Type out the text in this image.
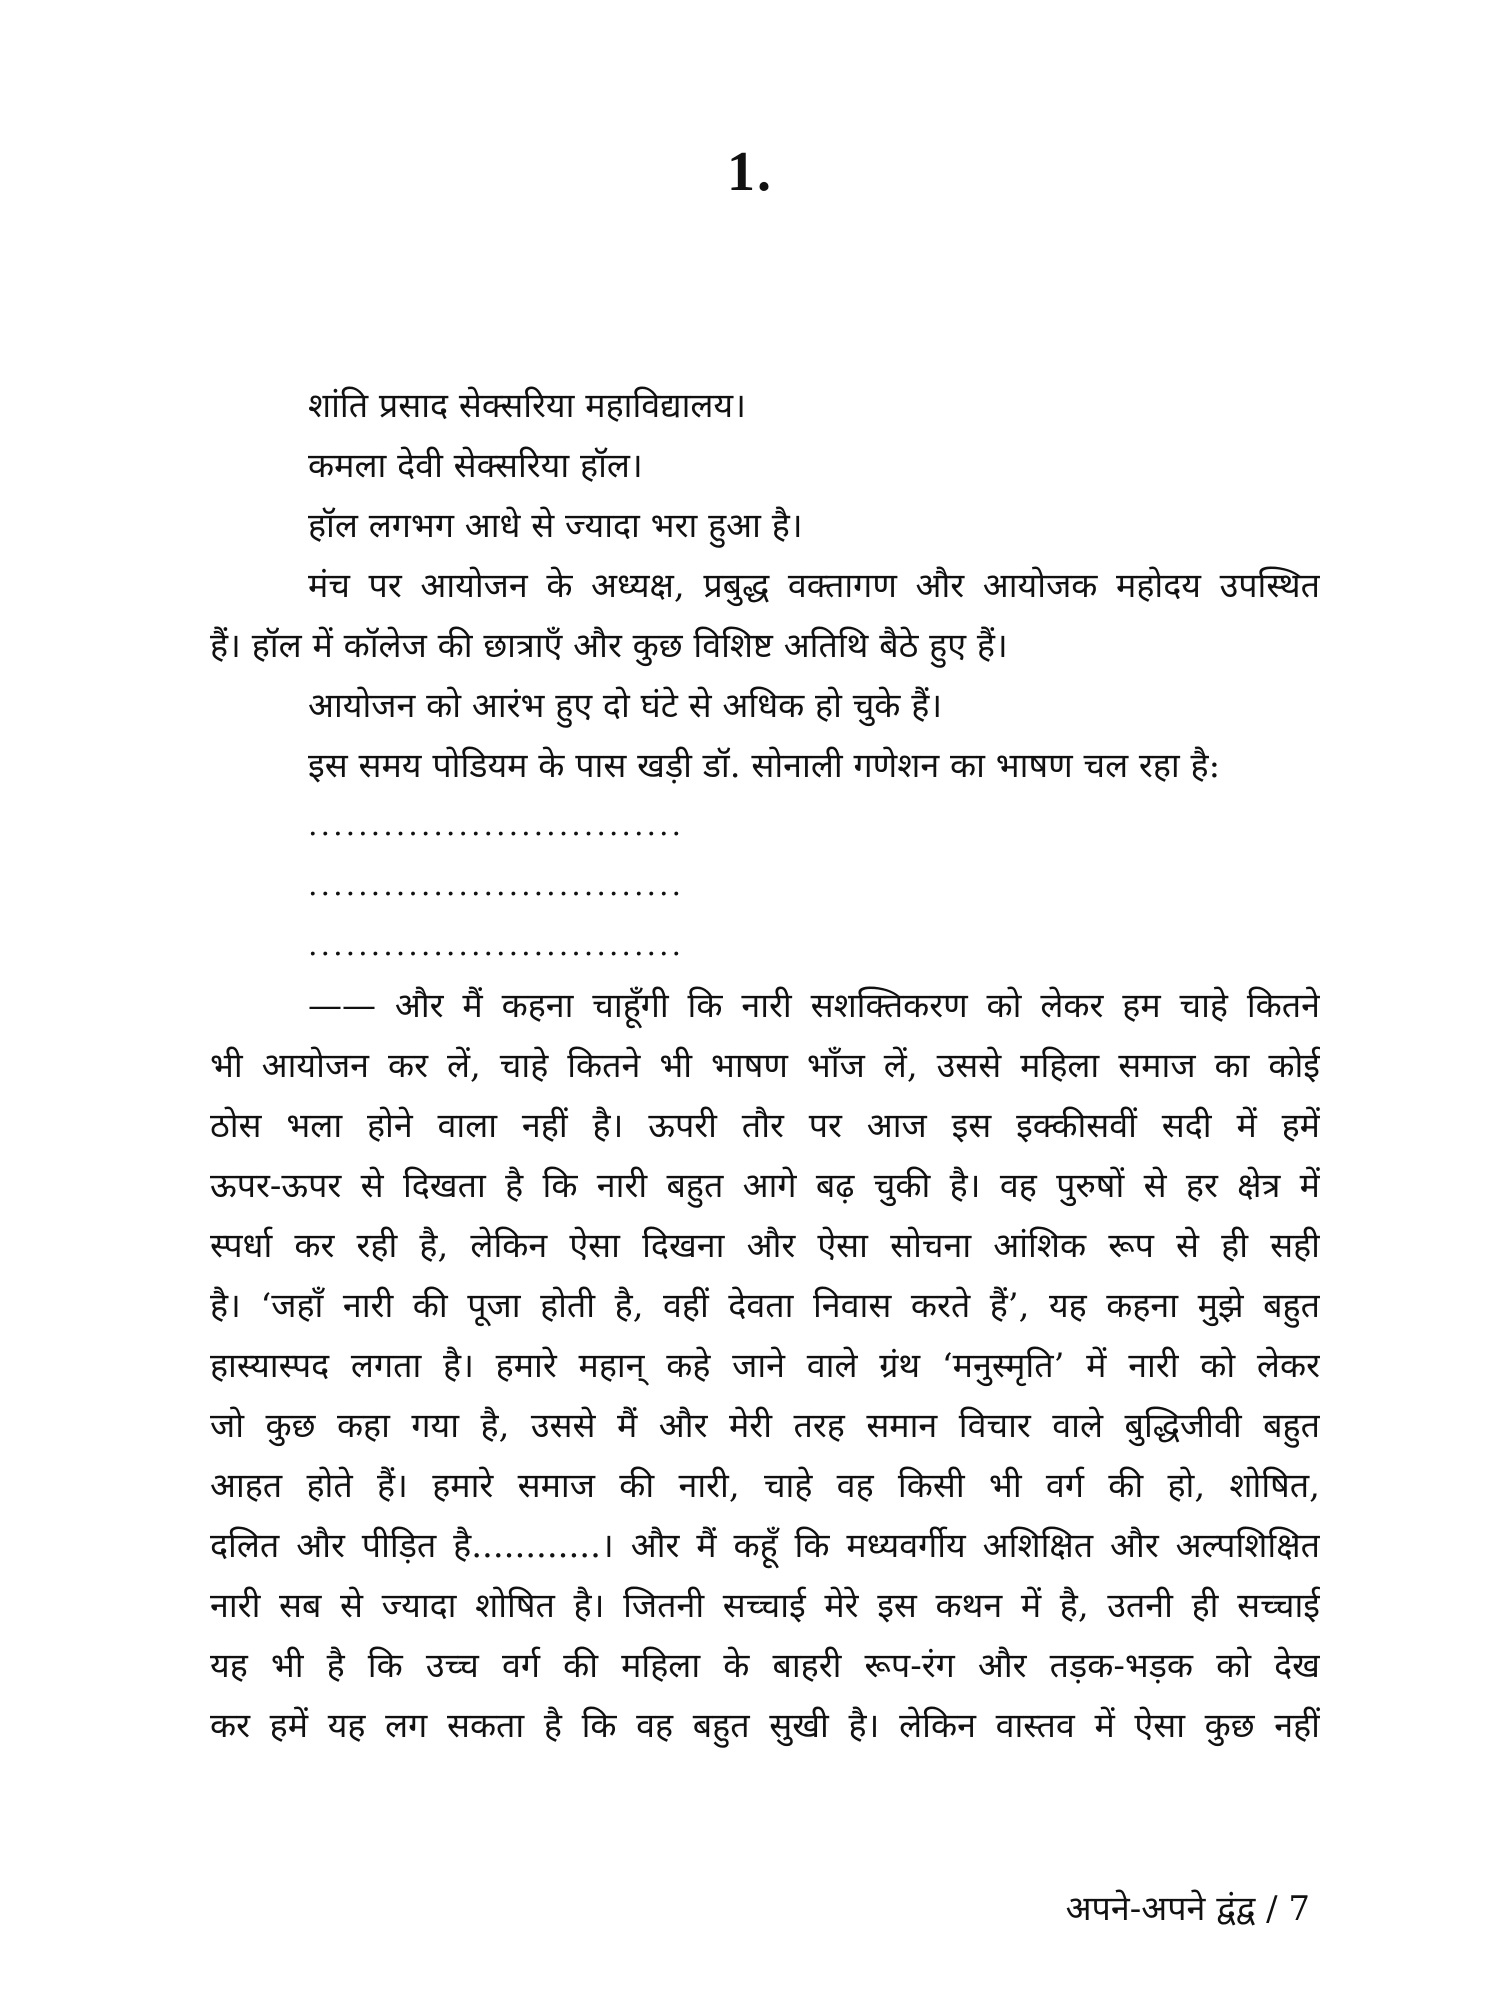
1.
शांति प्रसाद सेक्सरिया महाविद्यालय।
कमला देवी सेक्सरिया हॉल।
हॉल लगभग आधे से ज्यादा भरा हुआ है।
मंच पर आयोजन के अध्यक्ष, प्रबुद्ध वक्तागण और आयोजक महोदय उपस्थित
हैं। हॉल में कॉलेज की छात्राएँ और कुछ विशिष्ट अतिथि बैठे हुए हैं।
आयोजन को आरंभ हुए दो घंटे से अधिक हो चुके हैं।
इस समय पोडियम के पास खड़ी डॉ. सोनाली गणेशन का भाषण चल रहा है:
..............................
..............................
..............................
—— और मैं कहना चाहूँगी कि नारी सशक्तिकरण को लेकर हम चाहे कितने
भी आयोजन कर लें, चाहे कितने भी भाषण भाँज लें, उससे महिला समाज का कोई
ठोस भला होने वाला नहीं है। ऊपरी तौर पर आज इस इक्कीसवीं सदी में हमें
ऊपर-ऊपर से दिखता है कि नारी बहुत आगे बढ़ चुकी है। वह पुरुषों से हर क्षेत्र में
स्पर्धा कर रही है, लेकिन ऐसा दिखना और ऐसा सोचना आंशिक रूप से ही सही
है। ‘जहाँ नारी की पूजा होती है, वहीं देवता निवास करते हैं’, यह कहना मुझे बहुत
हास्यास्पद लगता है। हमारे महान् कहे जाने वाले ग्रंथ ‘मनुस्मृति’ में नारी को लेकर
जो कुछ कहा गया है, उससे मैं और मेरी तरह समान विचार वाले बुद्धिजीवी बहुत
आहत होते हैं। हमारे समाज की नारी, चाहे वह किसी भी वर्ग की हो, शोषित,
दलित और पीड़ित है............। और मैं कहूँ कि मध्यवर्गीय अशिक्षित और अल्पशिक्षित
नारी सब से ज्यादा शोषित है। जितनी सच्चाई मेरे इस कथन में है, उतनी ही सच्चाई
यह भी है कि उच्च वर्ग की महिला के बाहरी रूप-रंग और तड़क-भड़क को देख
कर हमें यह लग सकता है कि वह बहुत सुखी है। लेकिन वास्तव में ऐसा कुछ नहीं
अपने-अपने द्वंद्व / 7
